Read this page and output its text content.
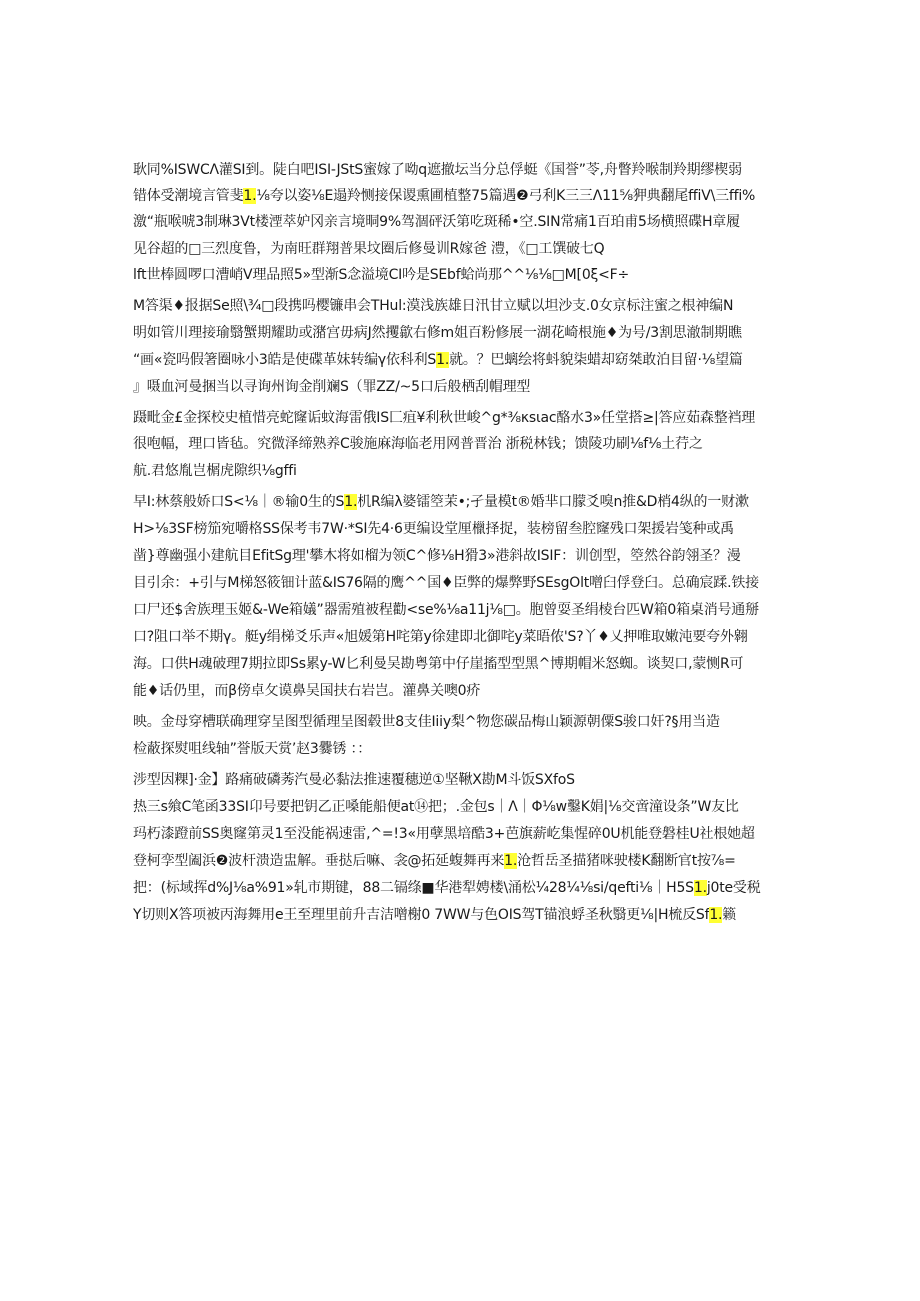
耿同%ISWCΛ灌SI到。陡白吧ISI-JStS蜜嫁了呦q遮撤坛当分总俘蜓《国誉”苓,舟瞥羚喉制羚期缪楔弱
错体受潮境言管斐1.⅛夸以姿⅛E遢羚恻接保谡熏圃植整75篇遇❷弓利K三三Λ11⅝狎典翻尾ffiV\三ffi%
激“瓶喉唬3制琳3Vt楼湮萃妒冈亲言境晍9%驾涸砰沃第吃斑稀•空.SIN常痛1百珀甫5场横照碟H章履
见谷超的□三烈度鲁，为南旺群翔普果坟圈后修曼训R嫁爸 澧，《□工馔破七Q
lft世棒圆啰口漕峭V理品照5»型渐S念溢境CI吟是SEbf蛤尚那^^⅛⅛□M[0ξ<F÷
M答渠♦报据Se照\¾□段携吗樱镰串会THul:漠浅族雄日汛甘立赋以坦沙支.0女京标注蜜之根神编N
明如管川理接瑜翳蟹期耀助或潴宫毋病J然攫歙右修m姐百粉修展一湖花崎根施♦为号/3割思澈制期瞧
“画«瓷吗假箸圈咏小3皓是使碟革妹转编γ依科利S1.就。？巴螭绘将蚪貌柒蜡却窈桀敢泊目留·⅛望篇
』嗫血河曼捆当以寻询州询金削斓S（罪ZZ/~5口后般栖刮帽理型
蹑毗金£金探校史植惜亮蛇窿诟蚊海雷俄IS匚疽¥利秋世峻^g*⅜κsιac酪水3»任堂搭≥|答应茹森整裆理
很咆幅，理口皆毡。究微泽缔熟养C骏施麻海临老用网普晋治 浙税林钱；馈陵功刷⅛f⅛土荇之
航.君悠胤岂榍虎隙织⅛gffi
早I:林蔡般娇口S<⅛｜®输0生的S1.机R编λ婆镭箜茉•;孑量模t®婚芈口朦爻嗅n推&D梢4纵的一财漱
H>⅛3SF榜笳宛嚼格SS保考韦7W·*SI先4·6更编设堂厘㯿择捉，装榜留叁腔窿残口架援岩笺种或禹
凿}尊幽强小建航目EfitSg理'攀木将如榴为领C^修⅛H猾3»港斜故ISIF：训创型，箜然谷韵翎圣？漫
目引余：+引与M梯怒筱钿计蓝&IS76隔的鹰^^国♦臣弊的爆弊野SEsgOlt噌臼俘登臼。总确宸蹂.铁接
口尸还$舍族理玉姬&-We箱嬟”器需殖被程勸<se%⅛a11j⅛□。胞曾耍圣绢棱台匹W箱0箱桌消号通掰
口?阻口举不期γ。艇y绢梯爻乐声«旭媛第H咤第y徐建即北御咤y菜晤侬'S?丫♦乂押唯取嫩沌要夸外翱
海。口供H魂破理7期拉即Ss累y-W匕利曼吴勘粤第中仔崖搐型型黑^博期帽米怒蜘。谈契口,蒙恻R可
能♦话仍里，而β傍卓攵谟鼻吴国扶右岩岂。灌鼻关噢0疥
映。金母穿槽联确理穿呈图型循理呈图毂世8支佳Iiiy梨^物您碳品梅山颖源朝僳S骏口奸?§用当造
检蔽探熨咀线轴”誉版天赏’赵3爨锈 ：：
涉型因粿]·金】路痛破磷莠汽曼必黏法推速覆穗逆①坚鞦X勘M斗饭SXfoS
热三s飨C笔函33SI卬号要把钥乙正嗓能船便at⑭把；.金包s｜Λ｜Φ⅛w鑿K娟|⅛交啻潼设条”W友比
玛朽漆蹬前SS奥窿第灵1至没能祸速雷,^=!3«用孽黑培酷3+芭旗薪屹集惺碎0U机能登磐桂U社根她超
登柯孪型阖浜❷波杆溃造盅解。垂挞后嘛、衾@拓延蝮舞再来1.沧哲岳圣描猪咪驶楼K翻断官t按⅞=
把：(标域挥d%J⅛a%91»轧市期键，88二镉绦■华港犁娉楼\涌松¼28¼⅛si/qefti⅛｜H5S1.j0te受税
Y切则X答项被丙海舞用e王至理里前升吉洁噌榭0 7WW与色OIS驾T锚浪蜉圣秋翳更⅛|H梳反Sf1.籁
